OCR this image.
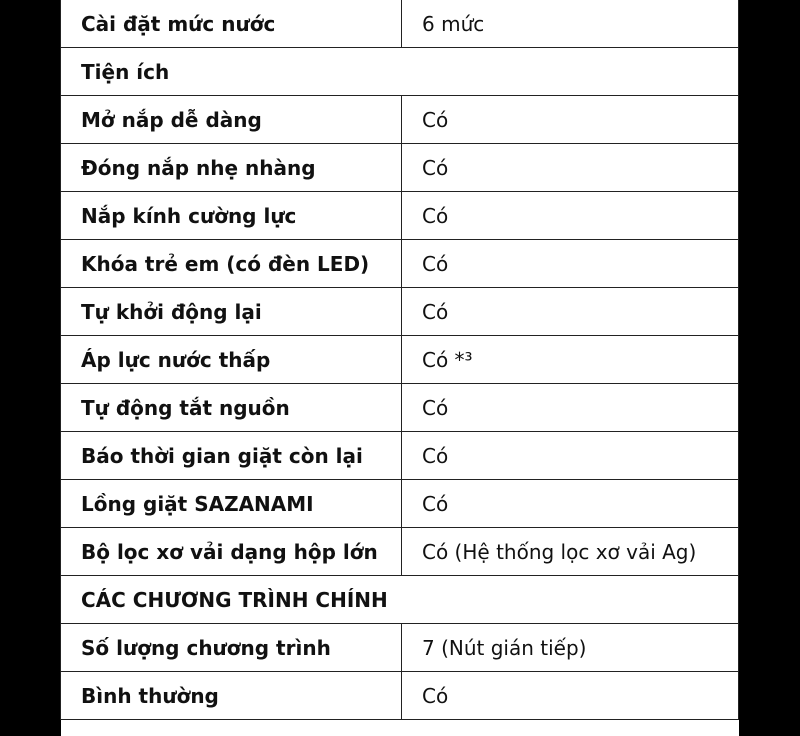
Cài đặt mức nước	6 mức
Tiện ích	
Mở nắp dễ dàng	Có
Đóng nắp nhẹ nhàng	Có
Nắp kính cường lực	Có
Khóa trẻ em (có đèn LED)	Có
Tự khởi động lại	Có
Áp lực nước thấp	Có *³
Tự động tắt nguồn	Có
Báo thời gian giặt còn lại	Có
Lồng giặt SAZANAMI	Có
Bộ lọc xơ vải dạng hộp lớn	Có (Hệ thống lọc xơ vải Ag)
CÁC CHƯƠNG TRÌNH CHÍNH	
Số lượng chương trình	7 (Nút gián tiếp)
Bình thường	Có
